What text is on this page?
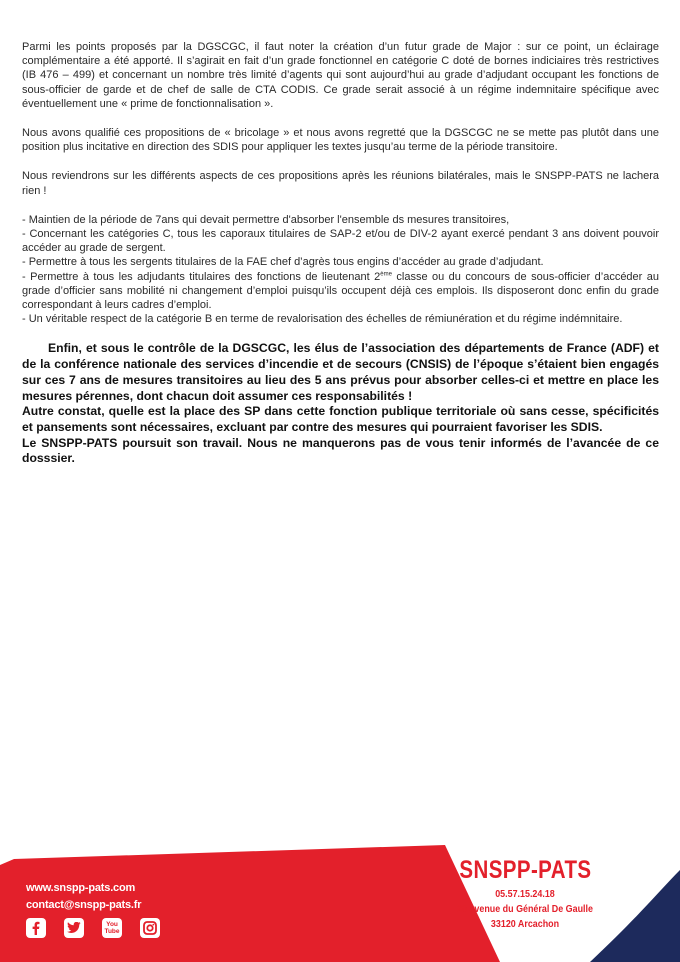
Parmi les points proposés par la DGSCGC, il faut noter la création d’un futur grade de Major : sur ce point, un éclairage complémentaire a été apporté. Il s’agirait en fait d’un grade fonctionnel en catégorie C doté de bornes indiciaires très restrictives (IB 476 – 499) et concernant un nombre très limité d’agents qui sont aujourd’hui au grade d’adjudant occupant les fonctions de sous-officier de garde et de chef de salle de CTA CODIS. Ce grade serait associé à un régime indemnitaire spécifique avec éventuellement une « prime de fonctionnalisation ».

Nous avons qualifié ces propositions de « bricolage » et nous avons regretté que la DGSCGC ne se mette pas plutôt dans une position plus incitative en direction des SDIS pour appliquer les textes jusqu’au terme de la période transitoire.

Nous reviendrons sur les différents aspects de ces propositions après les réunions bilatérales, mais le SNSPP-PATS ne lachera rien !

- Maintien de la période de 7ans qui devait permettre d'absorber l'ensemble ds mesures transitoires,
- Concernant les catégories C, tous les caporaux titulaires de SAP-2 et/ou de DIV-2 ayant exercé pendant 3 ans doivent pouvoir accéder au grade de sergent.
- Permettre à tous les sergents titulaires de la FAE chef d’agrès tous engins d’accéder au grade d’adjudant.
- Permettre à tous les adjudants titulaires des fonctions de lieutenant 2ème classe ou du concours de sous-officier d’accéder au grade d’officier sans mobilité ni changement d’emploi puisqu’ils occupent déjà ces emplois. Ils disposeront donc enfin du grade correspondant à leurs cadres d’emploi.
- Un véritable respect de la catégorie B en terme de revalorisation des échelles de rémiunération et du régime indémnitaire.

Enfin, et sous le contrôle de la DGSCGC, les élus de l’association des départements de France (ADF) et de la conférence nationale des services d’incendie et de secours (CNSIS) de l’époque s’étaient bien engagés sur ces 7 ans de mesures transitoires au lieu des 5 ans prévus pour absorber celles-ci et mettre en place les mesures pérennes, dont chacun doit assumer ces responsabilités !

Autre constat, quelle est la place des SP dans cette fonction publique territoriale où sans cesse, spécificités et pansements sont nécessaires, excluant par contre des mesures qui pourraient favoriser les SDIS.

Le SNSPP-PATS poursuit son travail. Nous ne manquerons pas de vous tenir informés de l’avancée de ce dosssier.

www.snspp-pats.com
contact@snspp-pats.fr
You Tube
SNSPP-PATS
05.57.15.24.18
20 avenue du Général De Gaulle
33120 Arcachon
